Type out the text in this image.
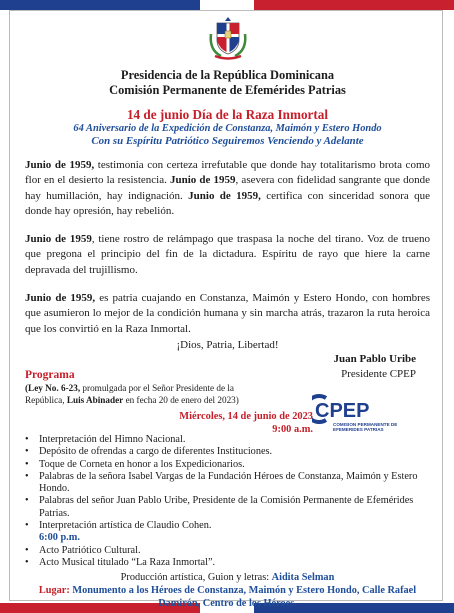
Presidencia de la República Dominicana
Comisión Permanente de Efemérides Patrias
14 de junio Día de la Raza Inmortal
64 Aniversario de la Expedición de Constanza, Maimón y Estero Hondo
Con su Espíritu Patriótico Seguiremos Venciendo y Adelante

Junio de 1959, testimonia con certeza irrefutable que donde hay totalitarismo brota como flor en el desierto la resistencia. Junio de 1959, asevera con fidelidad sangrante que donde hay humillación, hay indignación. Junio de 1959, certifica con sinceridad sonora que donde hay opresión, hay rebelión.

Junio de 1959, tiene rostro de relámpago que traspasa la noche del tirano. Voz de trueno que pregona el principio del fin de la dictadura. Espíritu de rayo que hiere la carne depravada del trujillismo.

Junio de 1959, es patria cuajando en Constanza, Maimón y Estero Hondo, con hombres que asumieron lo mejor de la condición humana y sin marcha atrás, trazaron la ruta heroica que los convirtió en la Raza Inmortal.

¡Dios, Patria, Libertad!
Juan Pablo Uribe
Presidente CPEP
Programa
(Ley No. 6-23, promulgada por el Señor Presidente de la República, Luis Abinader en fecha 20 de enero del 2023)
Miércoles, 14 de junio de 2023
9:00 a.m.
CPEP
COMISION PERMANENTE DE
EFEMERIDES PATRIAS
• Interpretación del Himno Nacional.
• Depósito de ofrendas a cargo de diferentes Instituciones.
• Toque de Corneta en honor a los Expedicionarios.
• Palabras de la señora Isabel Vargas de la Fundación Héroes de Constanza, Maimón y Estero Hondo.
• Palabras del señor Juan Pablo Uribe, Presidente de la Comisión Permanente de Efemérides Patrias.
• Interpretación artística de Claudio Cohen.
6:00 p.m.
• Acto Patriótico Cultural.
• Acto Musical titulado “La Raza Inmortal”.
Producción artística, Guion y letras: Aidita Selman
Lugar: Monumento a los Héroes de Constanza, Maimón y Estero Hondo, Calle Rafael Damirón, Centro de los Héroes.
